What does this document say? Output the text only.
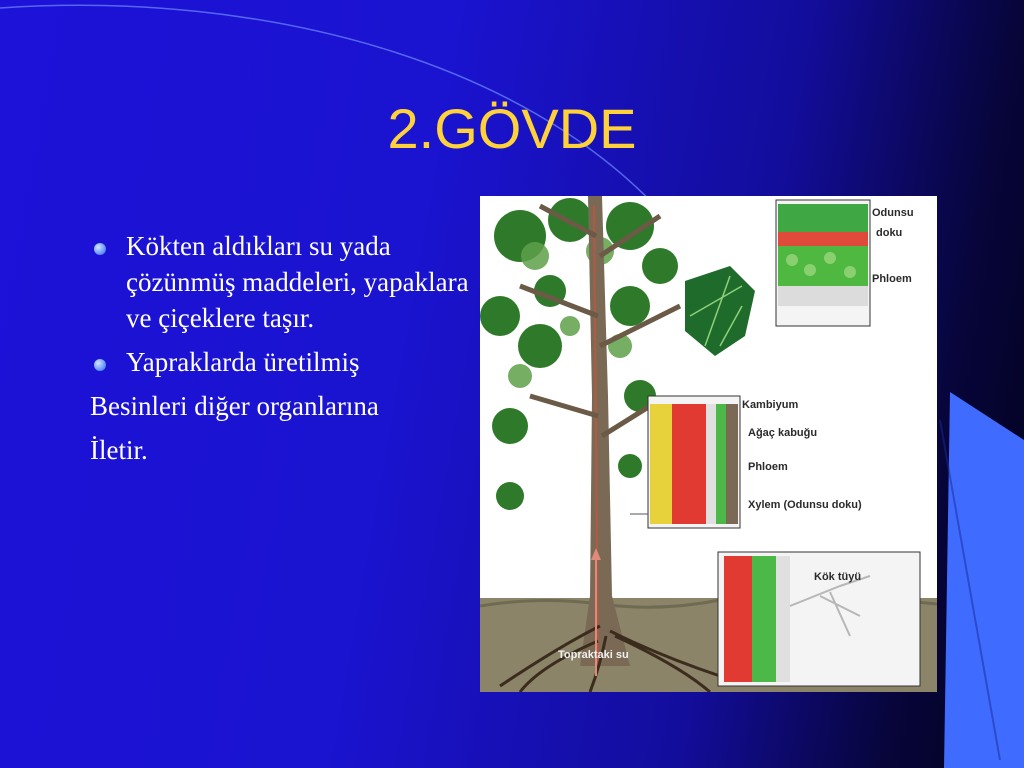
2.GÖVDE
Kökten aldıkları su yada çözünmüş maddeleri, yapaklara ve çiçeklere taşır.
Yapraklarda üretilmiş
Besinleri diğer organlarına
İletir.
Odunsu
doku
Phloem
Kambiyum
Ağaç kabuğu
Phloem
Xylem (Odunsu doku)
Kök tüyü
Topraktaki su
